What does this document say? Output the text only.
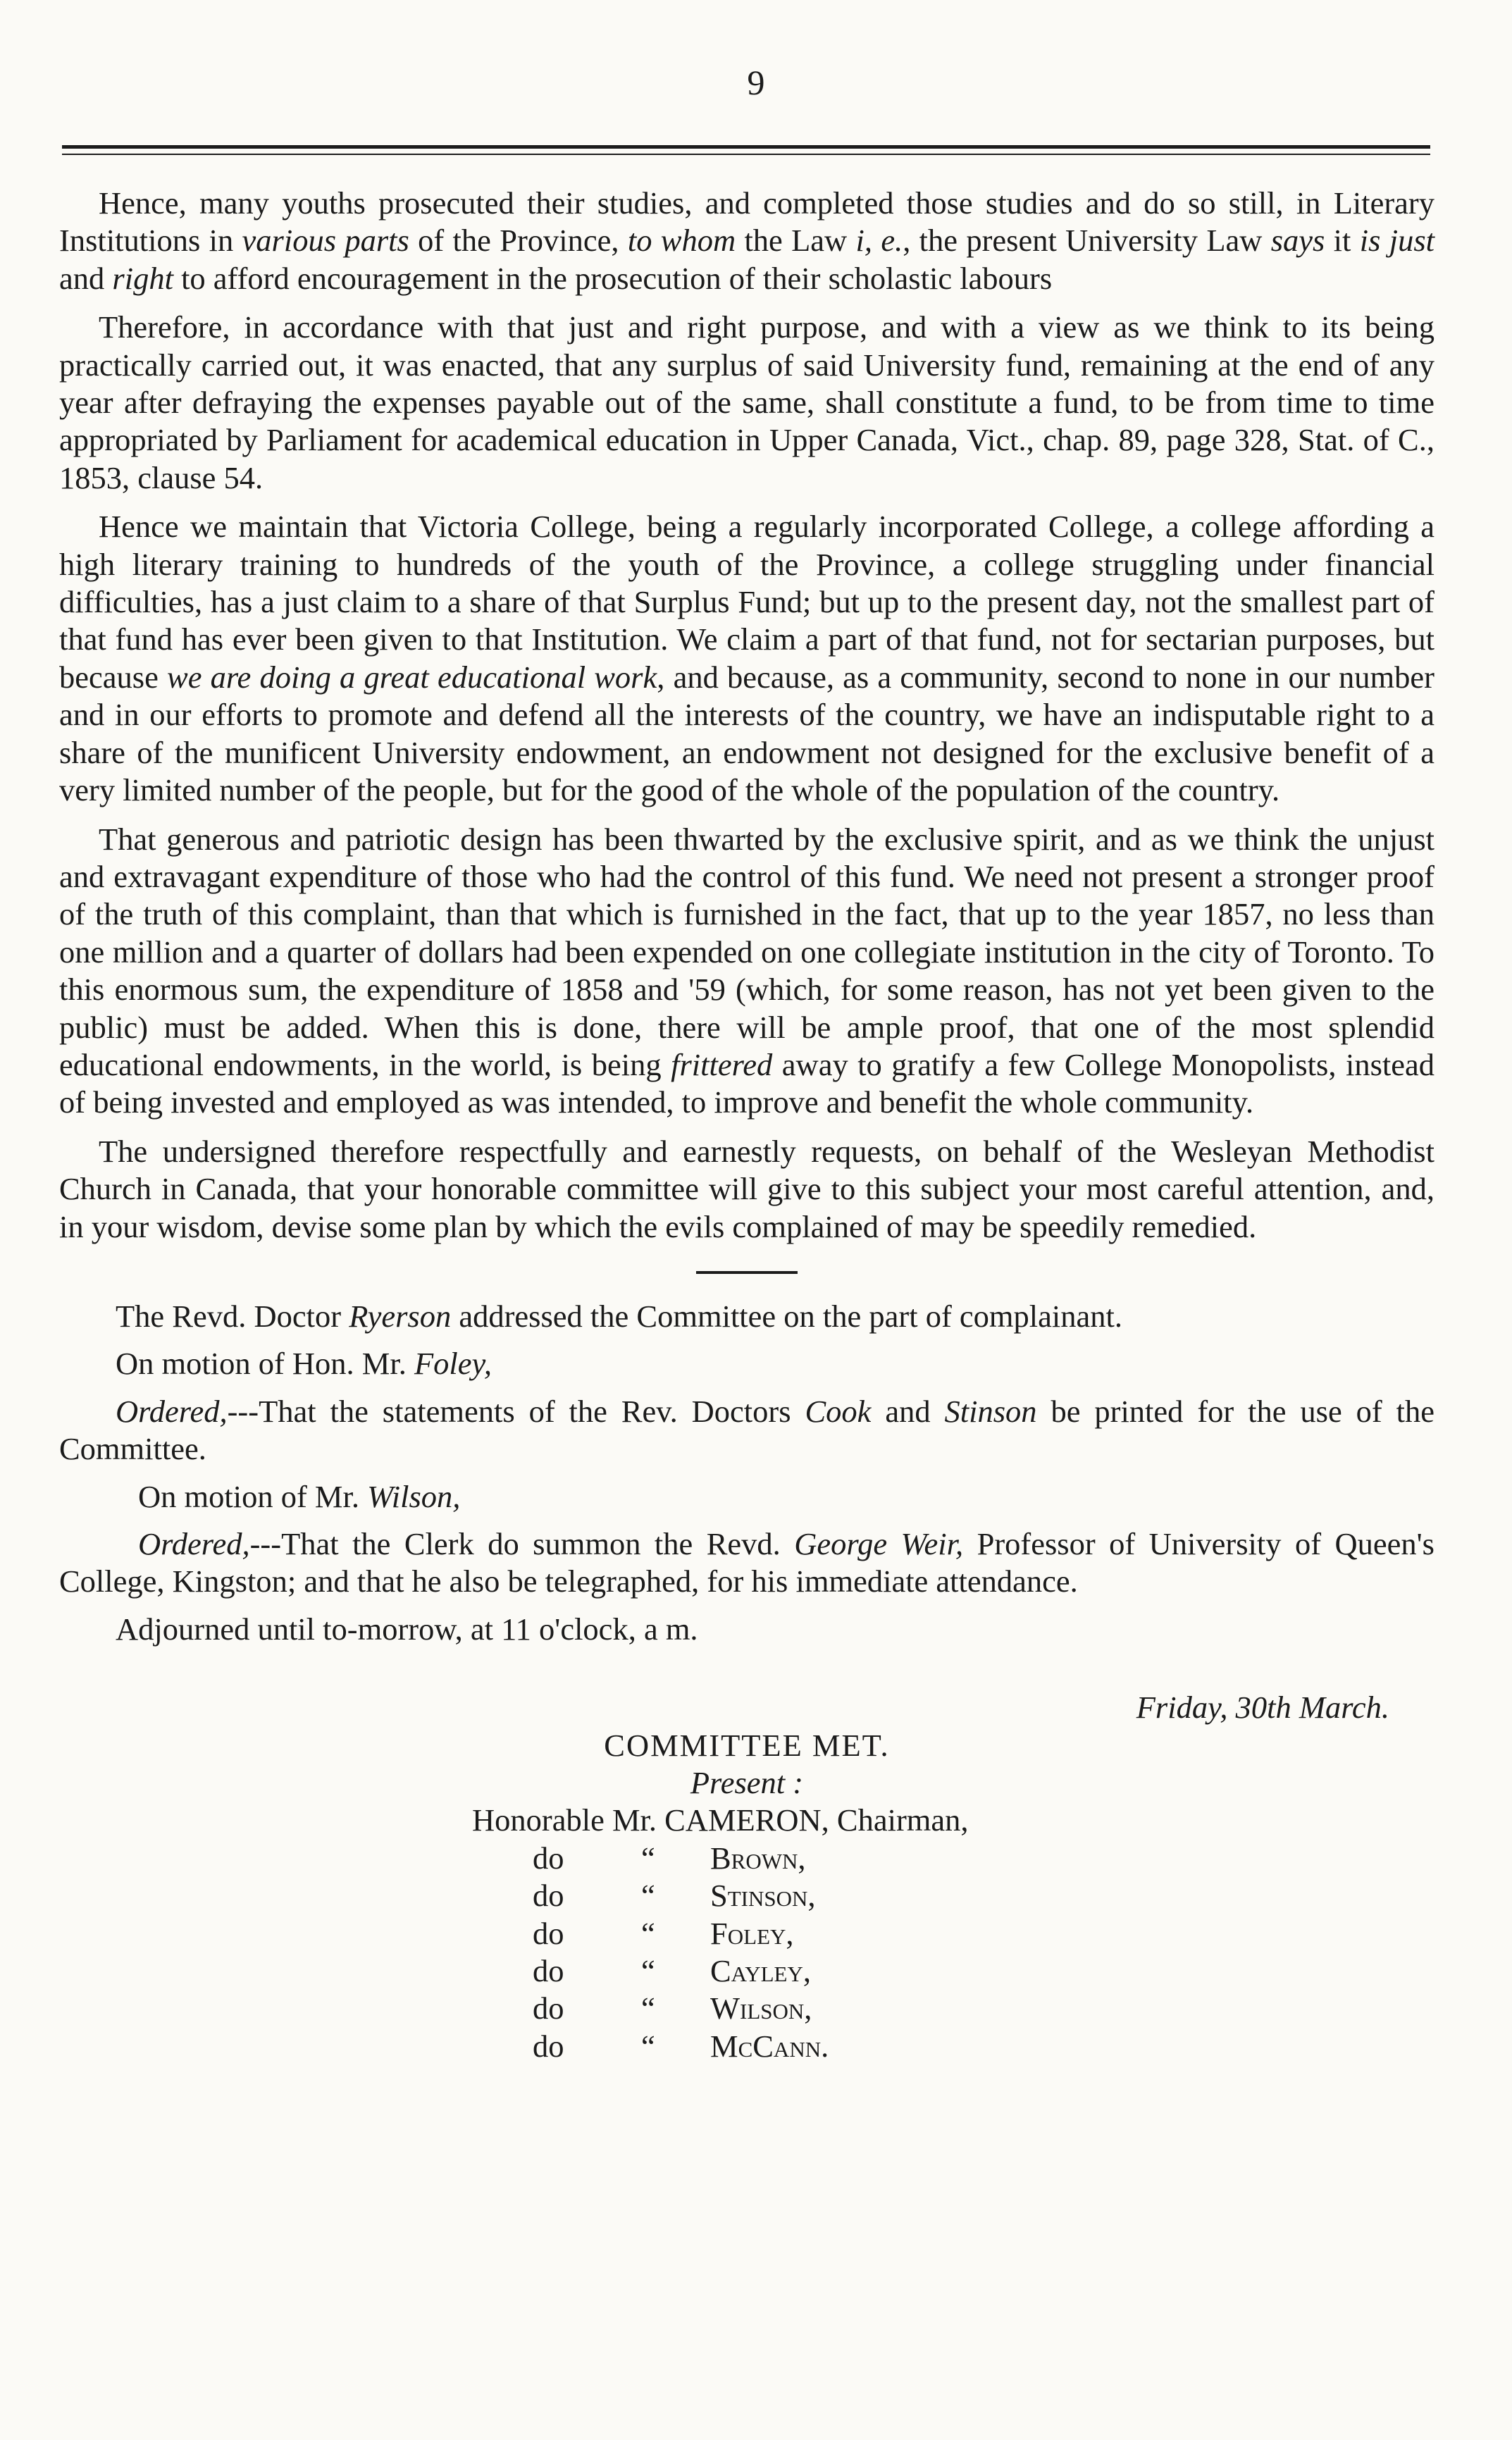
9

Hence, many youths prosecuted their studies, and completed those studies and do so still, in Literary Institutions in various parts of the Province, to whom the Law i, e., the present University Law says it is just and right to afford encouragement in the prosecution of their scholastic labours

Therefore, in accordance with that just and right purpose, and with a view as we think to its being practically carried out, it was enacted, that any surplus of said University fund, remaining at the end of any year after defraying the expenses payable out of the same, shall constitute a fund, to be from time to time appropriated by Parliament for academical education in Upper Canada, Vict., chap. 89, page 328, Stat. of C., 1853, clause 54.

Hence we maintain that Victoria College, being a regularly incorporated College, a college affording a high literary training to hundreds of the youth of the Province, a college struggling under financial difficulties, has a just claim to a share of that Surplus Fund; but up to the present day, not the smallest part of that fund has ever been given to that Institution. We claim a part of that fund, not for sectarian purposes, but because we are doing a great educational work, and because, as a community, second to none in our number and in our efforts to promote and defend all the interests of the country, we have an indisputable right to a share of the munificent University endowment, an endowment not designed for the exclusive benefit of a very limited number of the people, but for the good of the whole of the population of the country.

That generous and patriotic design has been thwarted by the exclusive spirit, and as we think the unjust and extravagant expenditure of those who had the control of this fund. We need not present a stronger proof of the truth of this complaint, than that which is furnished in the fact, that up to the year 1857, no less than one million and a quarter of dollars had been expended on one collegiate institution in the city of Toronto. To this enormous sum, the expenditure of 1858 and '59 (which, for some reason, has not yet been given to the public) must be added. When this is done, there will be ample proof, that one of the most splendid educational endowments, in the world, is being frittered away to gratify a few College Monopolists, instead of being invested and employed as was intended, to improve and benefit the whole community.

The undersigned therefore respectfully and earnestly requests, on behalf of the Wesleyan Methodist Church in Canada, that your honorable committee will give to this subject your most careful attention, and, in your wisdom, devise some plan by which the evils complained of may be speedily remedied.

The Revd. Doctor Ryerson addressed the Committee on the part of complainant.

On motion of Hon. Mr. Foley,

Ordered,---That the statements of the Rev. Doctors Cook and Stinson be printed for the use of the Committee.

On motion of Mr. Wilson,

Ordered,---That the Clerk do summon the Revd. George Weir, Professor of University of Queen's College, Kingston; and that he also be telegraphed, for his immediate attendance.

Adjourned until to-morrow, at 11 o'clock, a m.

Friday, 30th March.
COMMITTEE MET.
Present :
Honorable Mr. CAMERON, Chairman,
do “ Brown,
do “ Stinson,
do “ Foley,
do “ Cayley,
do “ Wilson,
do “ McCann.
